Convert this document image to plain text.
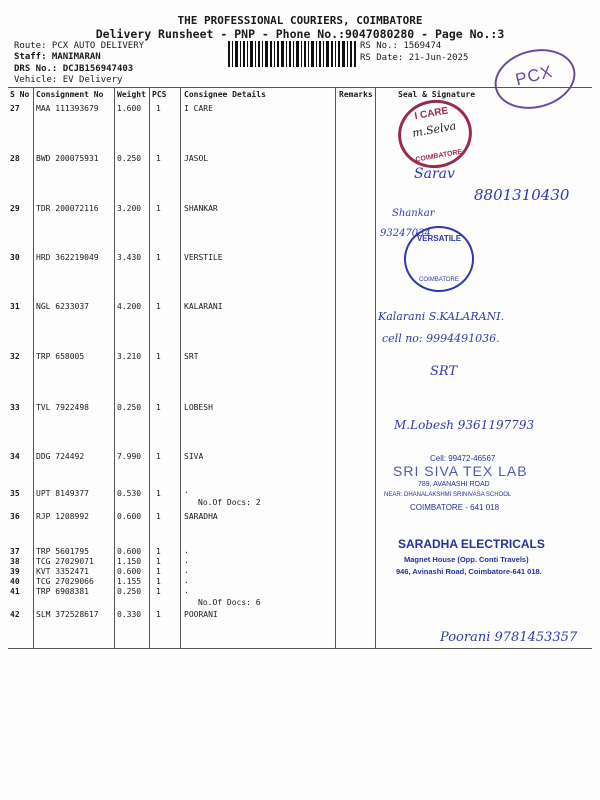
THE PROFESSIONAL COURIERS, COIMBATORE
Delivery Runsheet - PNP - Phone No.:9047080280 - Page No.:3
Route: PCX AUTO DELIVERY
Staff: MANIMARAN
DRS No.: DCJB156947403
Vehicle: EV Delivery
RS No.: 1569474
RS Date: 21-Jun-2025
PCX
S No Consignment No Weight PCS Consignee Details	Remarks	Seal & Signature
27 MAA 111393679 1.600 1	I CARE
28 BWD 200075931 0.250 1	JASOL
29 TDR 200072116 3.200 1	SHANKAR
30 HRD 362219049 3.430 1	VERSTILE
31 NGL 6233037	4.200 1	KALARANI
32 TRP 658005	3.210 1	SRT
33 TVL 7922498	0.250 1	LOBESH
34 DDG 724492	7.990 1	SIVA
35 UPT 8149377	0.530 1	.
No.Of Docs: 2
36 RJP 1208992	0.600 1	SARADHA
37 TRP 5601795	0.600 1	.
38 TCG 27029071	1.150 1	.
39 KVT 3352471	0.600 1	.
40 TCG 27029066	1.155 1	.
41 TRP 6908381	0.250 1	.
No.Of Docs: 6
42 SLM 372528617 0.330 1	POORANI
I CARE
m.Selva
COIMBATORE
Sarav
8801310430
Shankar
93247034
VERSATILE
COIMBATORE
Kalarani S.KALARANI.
cell no: 9994491036.
SRT
M.Lobesh 9361197793
Cell: 99472-46567
SRI SIVA TEX LAB
789, AVANASHI ROAD
NEAR: DHANALAKSHMI SRINIVASA SCHOOL
COIMBATORE - 641 018
SARADHA ELECTRICALS
Magnet House (Opp. Conti Travels)
946, Avinashi Road, Coimbatore-641 018.
Poorani 9781453357
